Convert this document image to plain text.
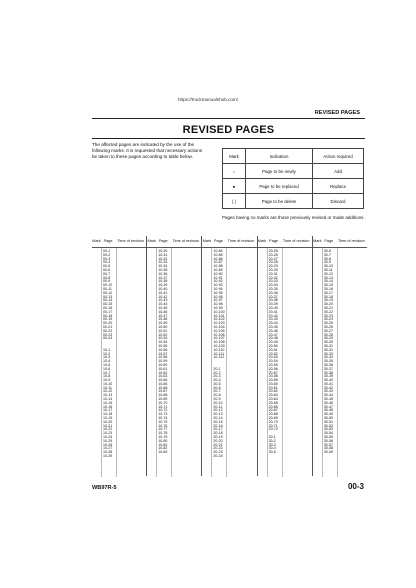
https://truckmanualshub.com/
REVISED PAGES
REVISED PAGES
The affected pages are indicated by the use of the following marks. It is requested that necessary actions be taken to these pages according to table below.	Mark	Indication	Action required
○	Page to be newly	Add
●	Page to be replaced	Replace
( )	Page to be delete	Discard
Pages having no marks are those previously revised or made additions.
Mark Page	Time of revision
00-1
00-2
00-3
00-4
00-5
00-6
00-7
00-8
00-9
00-10
00-11
00-12
00-13
00-14
00-15
00-16
00-17
00-18
00-19
00-20
00-21
00-22
00-23
00-24
10-1
10-2
10-3
10-4
10-5
10-6
10-7
10-8
10-9
10-10
10-11
10-12
10-13
10-14
10-15
10-16
10-17
10-18
10-19
10-20
10-21
10-22
10-23
10-24
10-25
10-26
10-27
10-28
10-29
Mark Page	Time of revision
10-30
10-31
10-32
10-33
10-34
10-35
10-36
10-37
10-38
10-39
10-40
10-41
10-42
10-43
10-44
10-45
10-46
10-47
10-48
10-49
10-50
10-51
10-52
10-53
10-54
10-55
10-56
10-57
10-58
10-59
10-60
10-61
10-62
10-63
10-64
10-65
10-66
10-67
10-68
10-69
10-70
10-71
10-72
10-73
10-74
10-75
10-76
10-77
10-78
10-79
10-80
10-81
10-82
10-83
Mark Page	Time of revision
10-84
10-85
10-86
10-87
10-88
10-89
10-90
10-91
10-92
10-93
10-94
10-95
10-96
10-97
10-98
10-99
10-100
10-101
10-102
10-103
10-104
10-105
10-106
10-107
10-108
10-109
10-110
10-111
10-112
20-1
20-2
20-3
20-4
20-5
20-6
20-7
20-8
20-9
20-10
20-11
20-12
20-13
20-14
20-15
20-16
20-17
20-18
20-19
20-20
20-21
20-22
20-23
20-24
Mark Page	Time of revision
20-25
20-26
20-27
20-28
20-29
20-30
20-31
20-32
20-33
20-34
20-35
20-36
20-37
20-38
20-39
20-40
20-41
20-42
20-43
20-44
20-45
20-46
20-47
20-48
20-49
20-50
20-51
20-52
20-53
20-54
20-55
20-56
20-57
20-58
20-59
20-60
20-61
20-62
20-63
20-64
20-65
20-66
20-67
20-68
20-69
20-70
20-71
20-72
30-1
30-2
30-3
30-4
30-5
Mark Page	Time of revision
30-6
30-7
30-8
30-9
30-10
30-11
30-12
30-13
30-14
30-15
30-16
30-17
30-18
30-19
30-20
30-21
30-22
30-23
30-24
30-25
30-26
30-27
30-28
30-29
30-30
30-31
30-32
30-33
30-34
30-35
30-36
30-37
30-38
30-39
30-40
30-41
30-42
30-43
30-44
30-45
30-46
30-47
30-48
30-49
30-50
30-51
30-52
30-53
30-54
30-55
30-56
30-57
30-58
30-59
WB97R-5	00-3
